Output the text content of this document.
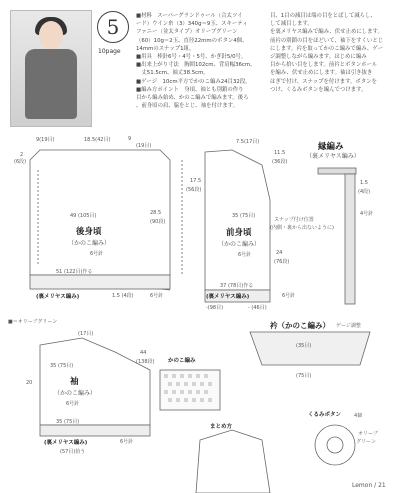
5
10page
■材料　スーパーグランドゥール（合太ツイ
ード）ウイン糸（3）340g＝9玉、スキーティ
ファニー（並太タイプ）オリーブグリーン
（60）10g＝2玉、直径22mmのボタン4個、
14mmのスナップ1組。
■用具　棒針6号・4号・5号、かぎ針5/0号。
■出来上がり寸法　胸囲102cm、背肩幅36cm、
　丈51.5cm、袖丈38.5cm。
■ゲージ　10cm平方でかのこ編み24目32段。
■編み方ポイント　身頃、袖とも別鎖の作り
目から編み始め、かのこ編みで編みます。後ろ
、前身頃の肩、脇をとじ、袖を付けます。
目、1目の減目は端の目をとばして減らし、
して減目します。
を裏メリヤス編みで編み、伏せ止めにします。
前衿の別鎖の目をほどいて、袖下をすくいとじ
にします。衿を取ってかのこ編みで編み、ゲー
ジ調整しながら編みます。はじめに編み
目から拾い目をします。前衿とボタンホール
を編み、伏せ止めにします。袖は引き抜き
はぎで付け、スナップを付けます。ボタンを
つけ、くるみボタンを編んでつけます。
9(19目)	18.5(42目)	9
(19目)
2
(6段)
49 (105目)
後身頃
（かのこ編み）
6号針
28.5
(90段)
51 (122目)作る
(裏メリヤス編み)	1.5 (4段)	6号針
7.5(17目)
11.5
(36段)
17.5
(56段)
35 (75目)
前身頃
（かのこ編み）
6号針
スナップ付け位置
(内側・裏から出ないように)
24
(76段)
37 (78目)作る
(裏メリヤス編み)	6号針
-(98目)	- (46目)
縁編み
（裏メリヤス編み）
4号針
1.5
(4段)
■＝オリーブグリーン
(17目)
44
(138段)
35 (75目)
袖
（かのこ編み）
6号針
20
35 (75目)
(裏メリヤス編み)	6号針
(57目)拾う
衿（かのこ編み） ゲージ調整
(75目)
(35目)
かのこ編み
まとめ方
くるみボタン	4個
オリーブ
グリーン
Lemon / 21
